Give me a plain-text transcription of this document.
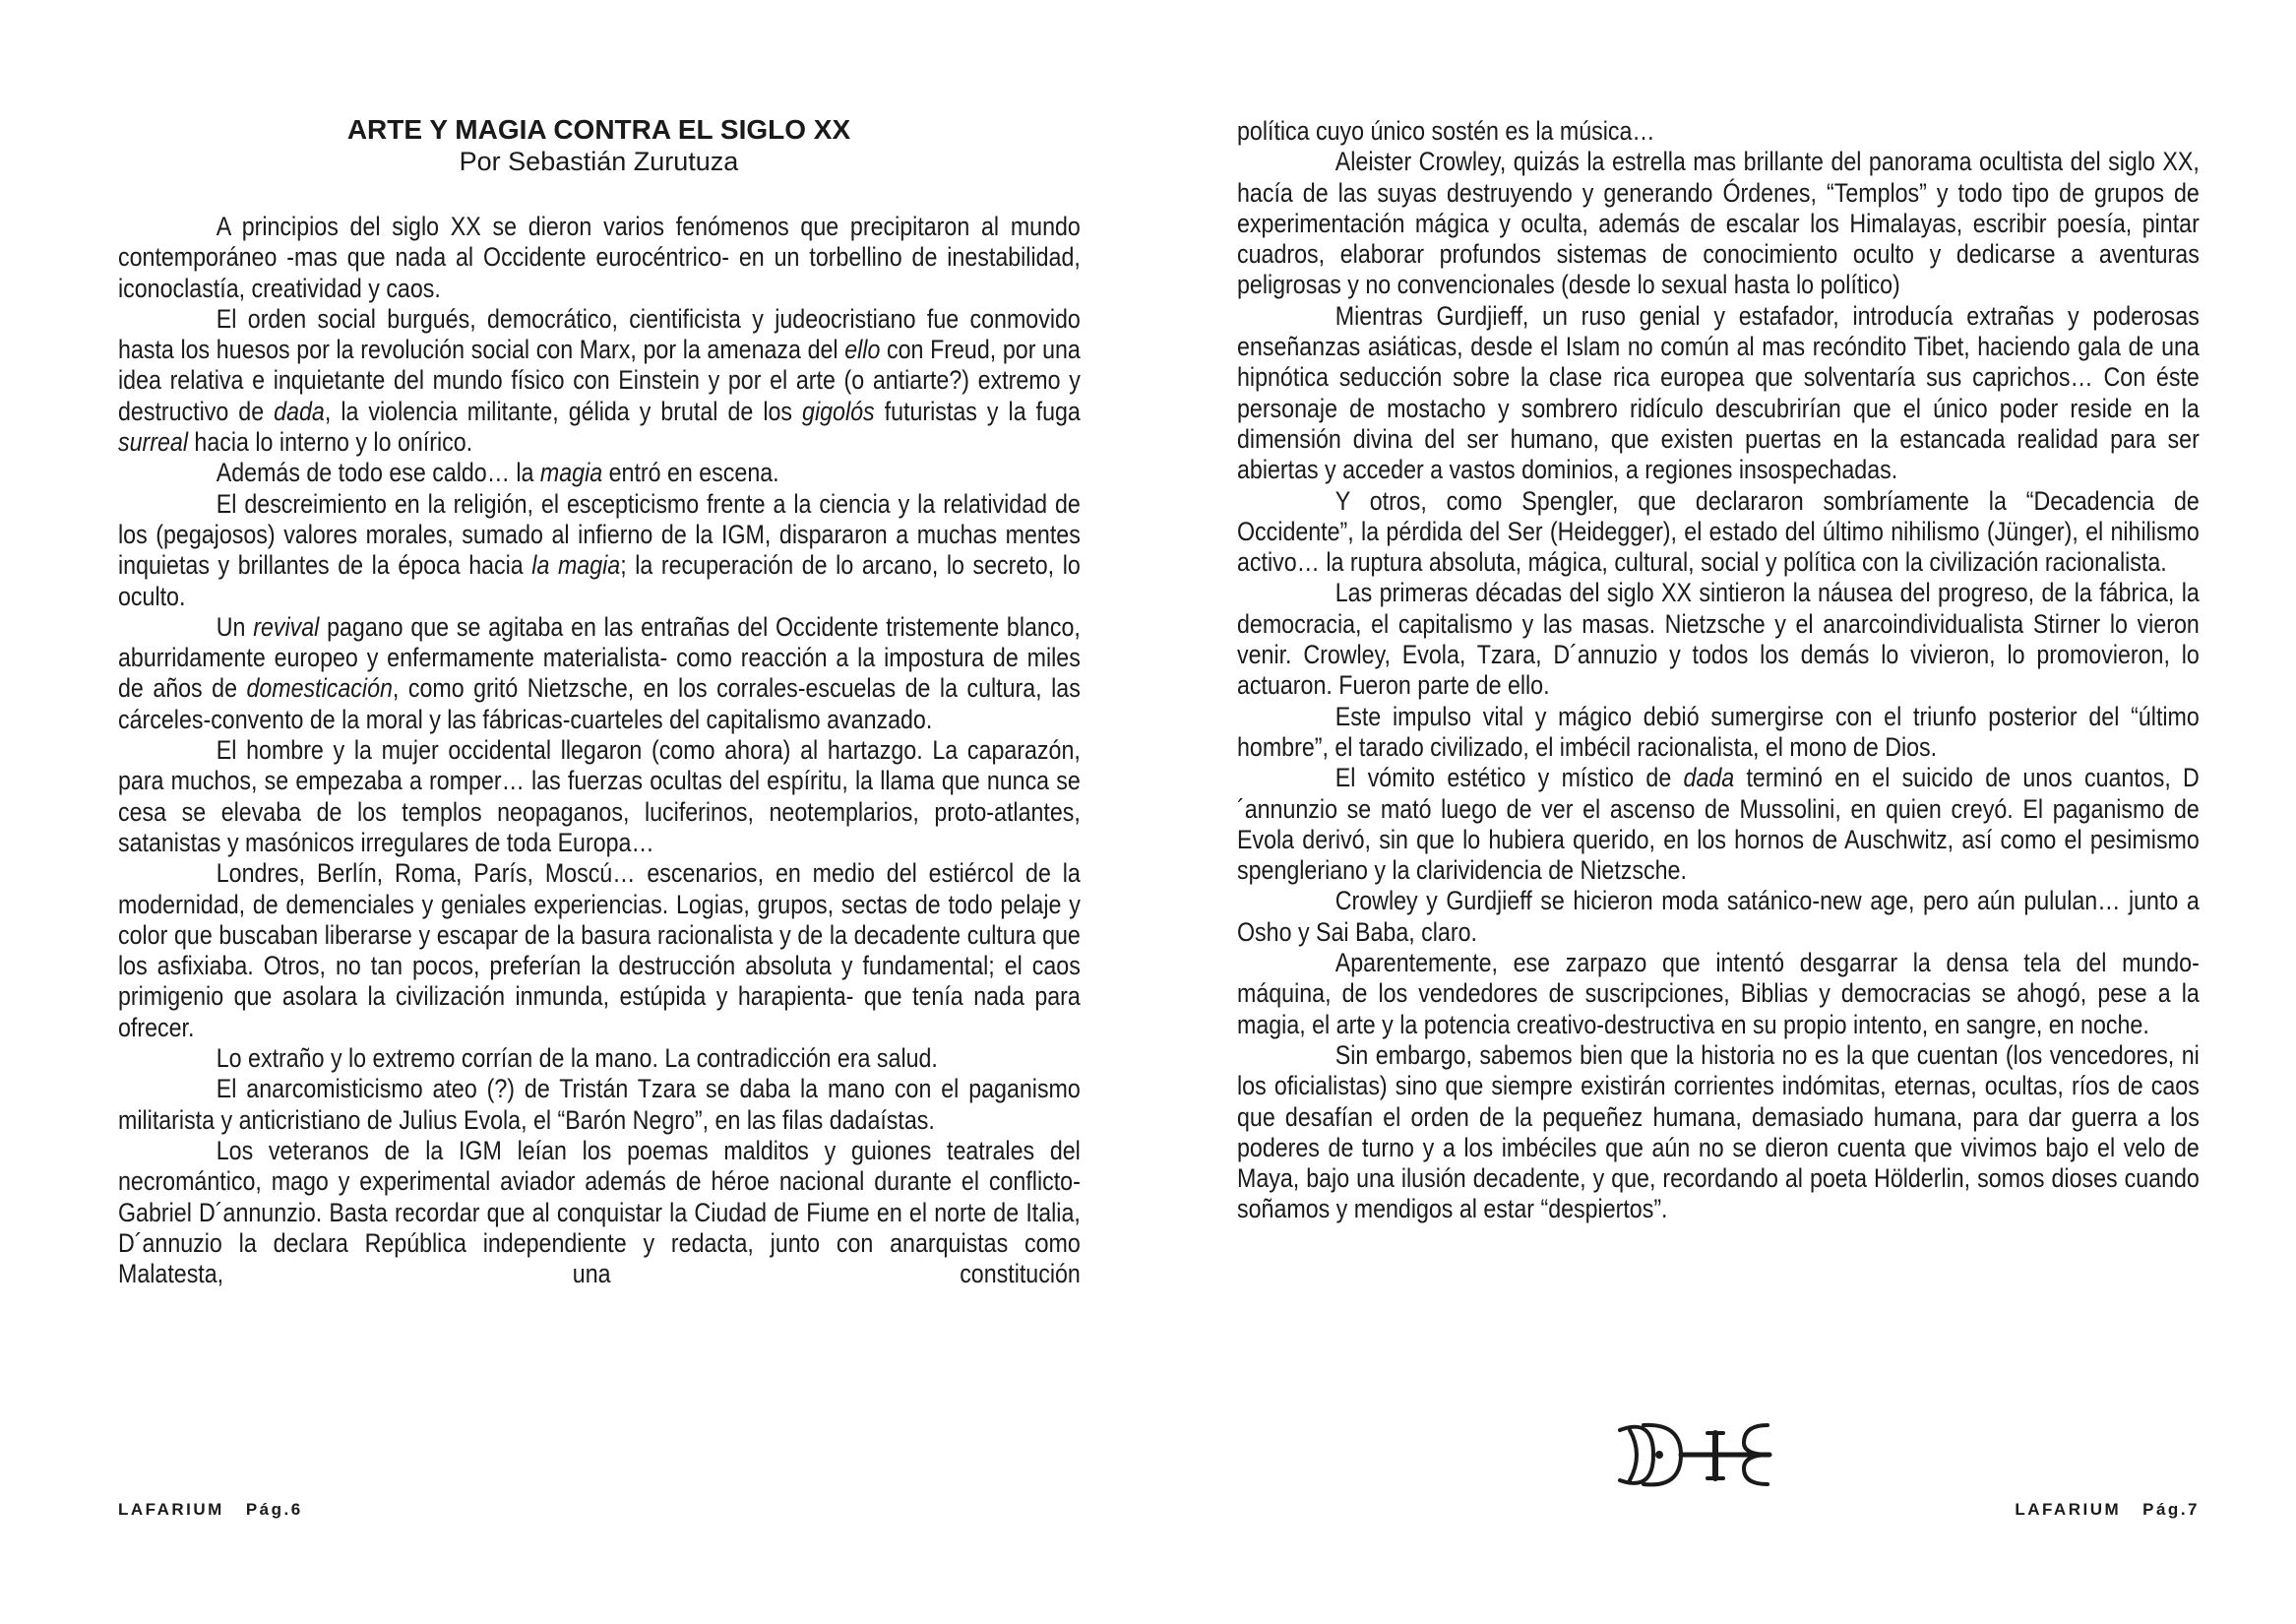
ARTE Y MAGIA CONTRA EL SIGLO XX
Por Sebastián Zurutuza

A principios del siglo XX se dieron varios fenómenos que precipitaron al mundo contemporáneo -mas que nada al Occidente eurocéntrico- en un torbellino de inestabilidad, iconoclastía, creatividad y caos.

El orden social burgués, democrático, cientificista y judeocristiano fue conmovido hasta los huesos por la revolución social con Marx, por la amenaza del ello con Freud, por una idea relativa e inquietante del mundo físico con Einstein y por el arte (o antiarte?) extremo y destructivo de dada, la violencia militante, gélida y brutal de los gigolós futuristas y la fuga surreal hacia lo interno y lo onírico.

Además de todo ese caldo… la magia entró en escena.

El descreimiento en la religión, el escepticismo frente a la ciencia y la relatividad de los (pegajosos) valores morales, sumado al infierno de la IGM, dispararon a muchas mentes inquietas y brillantes de la época hacia la magia; la recuperación de lo arcano, lo secreto, lo oculto.

Un revival pagano que se agitaba en las entrañas del Occidente tristemente blanco, aburridamente europeo y enfermamente materialista- como reacción a la impostura de miles de años de domesticación, como gritó Nietzsche, en los corrales-escuelas de la cultura, las cárceles-convento de la moral y las fábricas-cuarteles del capitalismo avanzado.

El hombre y la mujer occidental llegaron (como ahora) al hartazgo. La caparazón, para muchos, se empezaba a romper… las fuerzas ocultas del espíritu, la llama que nunca se cesa se elevaba de los templos neopaganos, luciferinos, neotemplarios, proto-atlantes, satanistas y masónicos irregulares de toda Europa…

Londres, Berlín, Roma, París, Moscú… escenarios, en medio del estiércol de la modernidad, de demenciales y geniales experiencias. Logias, grupos, sectas de todo pelaje y color que buscaban liberarse y escapar de la basura racionalista y de la decadente cultura que los asfixiaba. Otros, no tan pocos, preferían la destrucción absoluta y fundamental; el caos primigenio que asolara la civilización inmunda, estúpida y harapienta- que tenía nada para ofrecer.

Lo extraño y lo extremo corrían de la mano. La contradicción era salud.

El anarcomisticismo ateo (?) de Tristán Tzara se daba la mano con el paganismo militarista y anticristiano de Julius Evola, el “Barón Negro”, en las filas dadaístas.

Los veteranos de la IGM leían los poemas malditos y guiones teatrales del necromántico, mago y experimental aviador además de héroe nacional durante el conflicto- Gabriel D´annunzio. Basta recordar que al conquistar la Ciudad de Fiume en el norte de Italia, D´annuzio la declara República independiente y redacta, junto con anarquistas como Malatesta, una constitución

política cuyo único sostén es la música…

Aleister Crowley, quizás la estrella mas brillante del panorama ocultista del siglo XX, hacía de las suyas destruyendo y generando Órdenes, “Templos” y todo tipo de grupos de experimentación mágica y oculta, además de escalar los Himalayas, escribir poesía, pintar cuadros, elaborar profundos sistemas de conocimiento oculto y dedicarse a aventuras peligrosas y no convencionales (desde lo sexual hasta lo político)

Mientras Gurdjieff, un ruso genial y estafador, introducía extrañas y poderosas enseñanzas asiáticas, desde el Islam no común al mas recóndito Tibet, haciendo gala de una hipnótica seducción sobre la clase rica europea que solventaría sus caprichos… Con éste personaje de mostacho y sombrero ridículo descubrirían que el único poder reside en la dimensión divina del ser humano, que existen puertas en la estancada realidad para ser abiertas y acceder a vastos dominios, a regiones insospechadas.

Y otros, como Spengler, que declararon sombríamente la “Decadencia de Occidente”, la pérdida del Ser (Heidegger), el estado del último nihilismo (Jünger), el nihilismo activo… la ruptura absoluta, mágica, cultural, social y política con la civilización racionalista.

Las primeras décadas del siglo XX sintieron la náusea del progreso, de la fábrica, la democracia, el capitalismo y las masas. Nietzsche y el anarcoindividualista Stirner lo vieron venir. Crowley, Evola, Tzara, D´annuzio y todos los demás lo vivieron, lo promovieron, lo actuaron. Fueron parte de ello.

Este impulso vital y mágico debió sumergirse con el triunfo posterior del “último hombre”, el tarado civilizado, el imbécil racionalista, el mono de Dios.

El vómito estético y místico de dada terminó en el suicido de unos cuantos, D´annunzio se mató luego de ver el ascenso de Mussolini, en quien creyó. El paganismo de Evola derivó, sin que lo hubiera querido, en los hornos de Auschwitz, así como el pesimismo spengleriano y la clarividencia de Nietzsche.

Crowley y Gurdjieff se hicieron moda satánico-new age, pero aún pululan… junto a Osho y Sai Baba, claro.

Aparentemente, ese zarpazo que intentó desgarrar la densa tela del mundo-máquina, de los vendedores de suscripciones, Biblias y democracias se ahogó, pese a la magia, el arte y la potencia creativo-destructiva en su propio intento, en sangre, en noche.

Sin embargo, sabemos bien que la historia no es la que cuentan (los vencedores, ni los oficialistas) sino que siempre existirán corrientes indómitas, eternas, ocultas, ríos de caos que desafían el orden de la pequeñez humana, demasiado humana, para dar guerra a los poderes de turno y a los imbéciles que aún no se dieron cuenta que vivimos bajo el velo de Maya, bajo una ilusión decadente, y que, recordando al poeta Hölderlin, somos dioses cuando soñamos y mendigos al estar “despiertos”.

LAFARIUM Pág.6	LAFARIUM Pág.7
